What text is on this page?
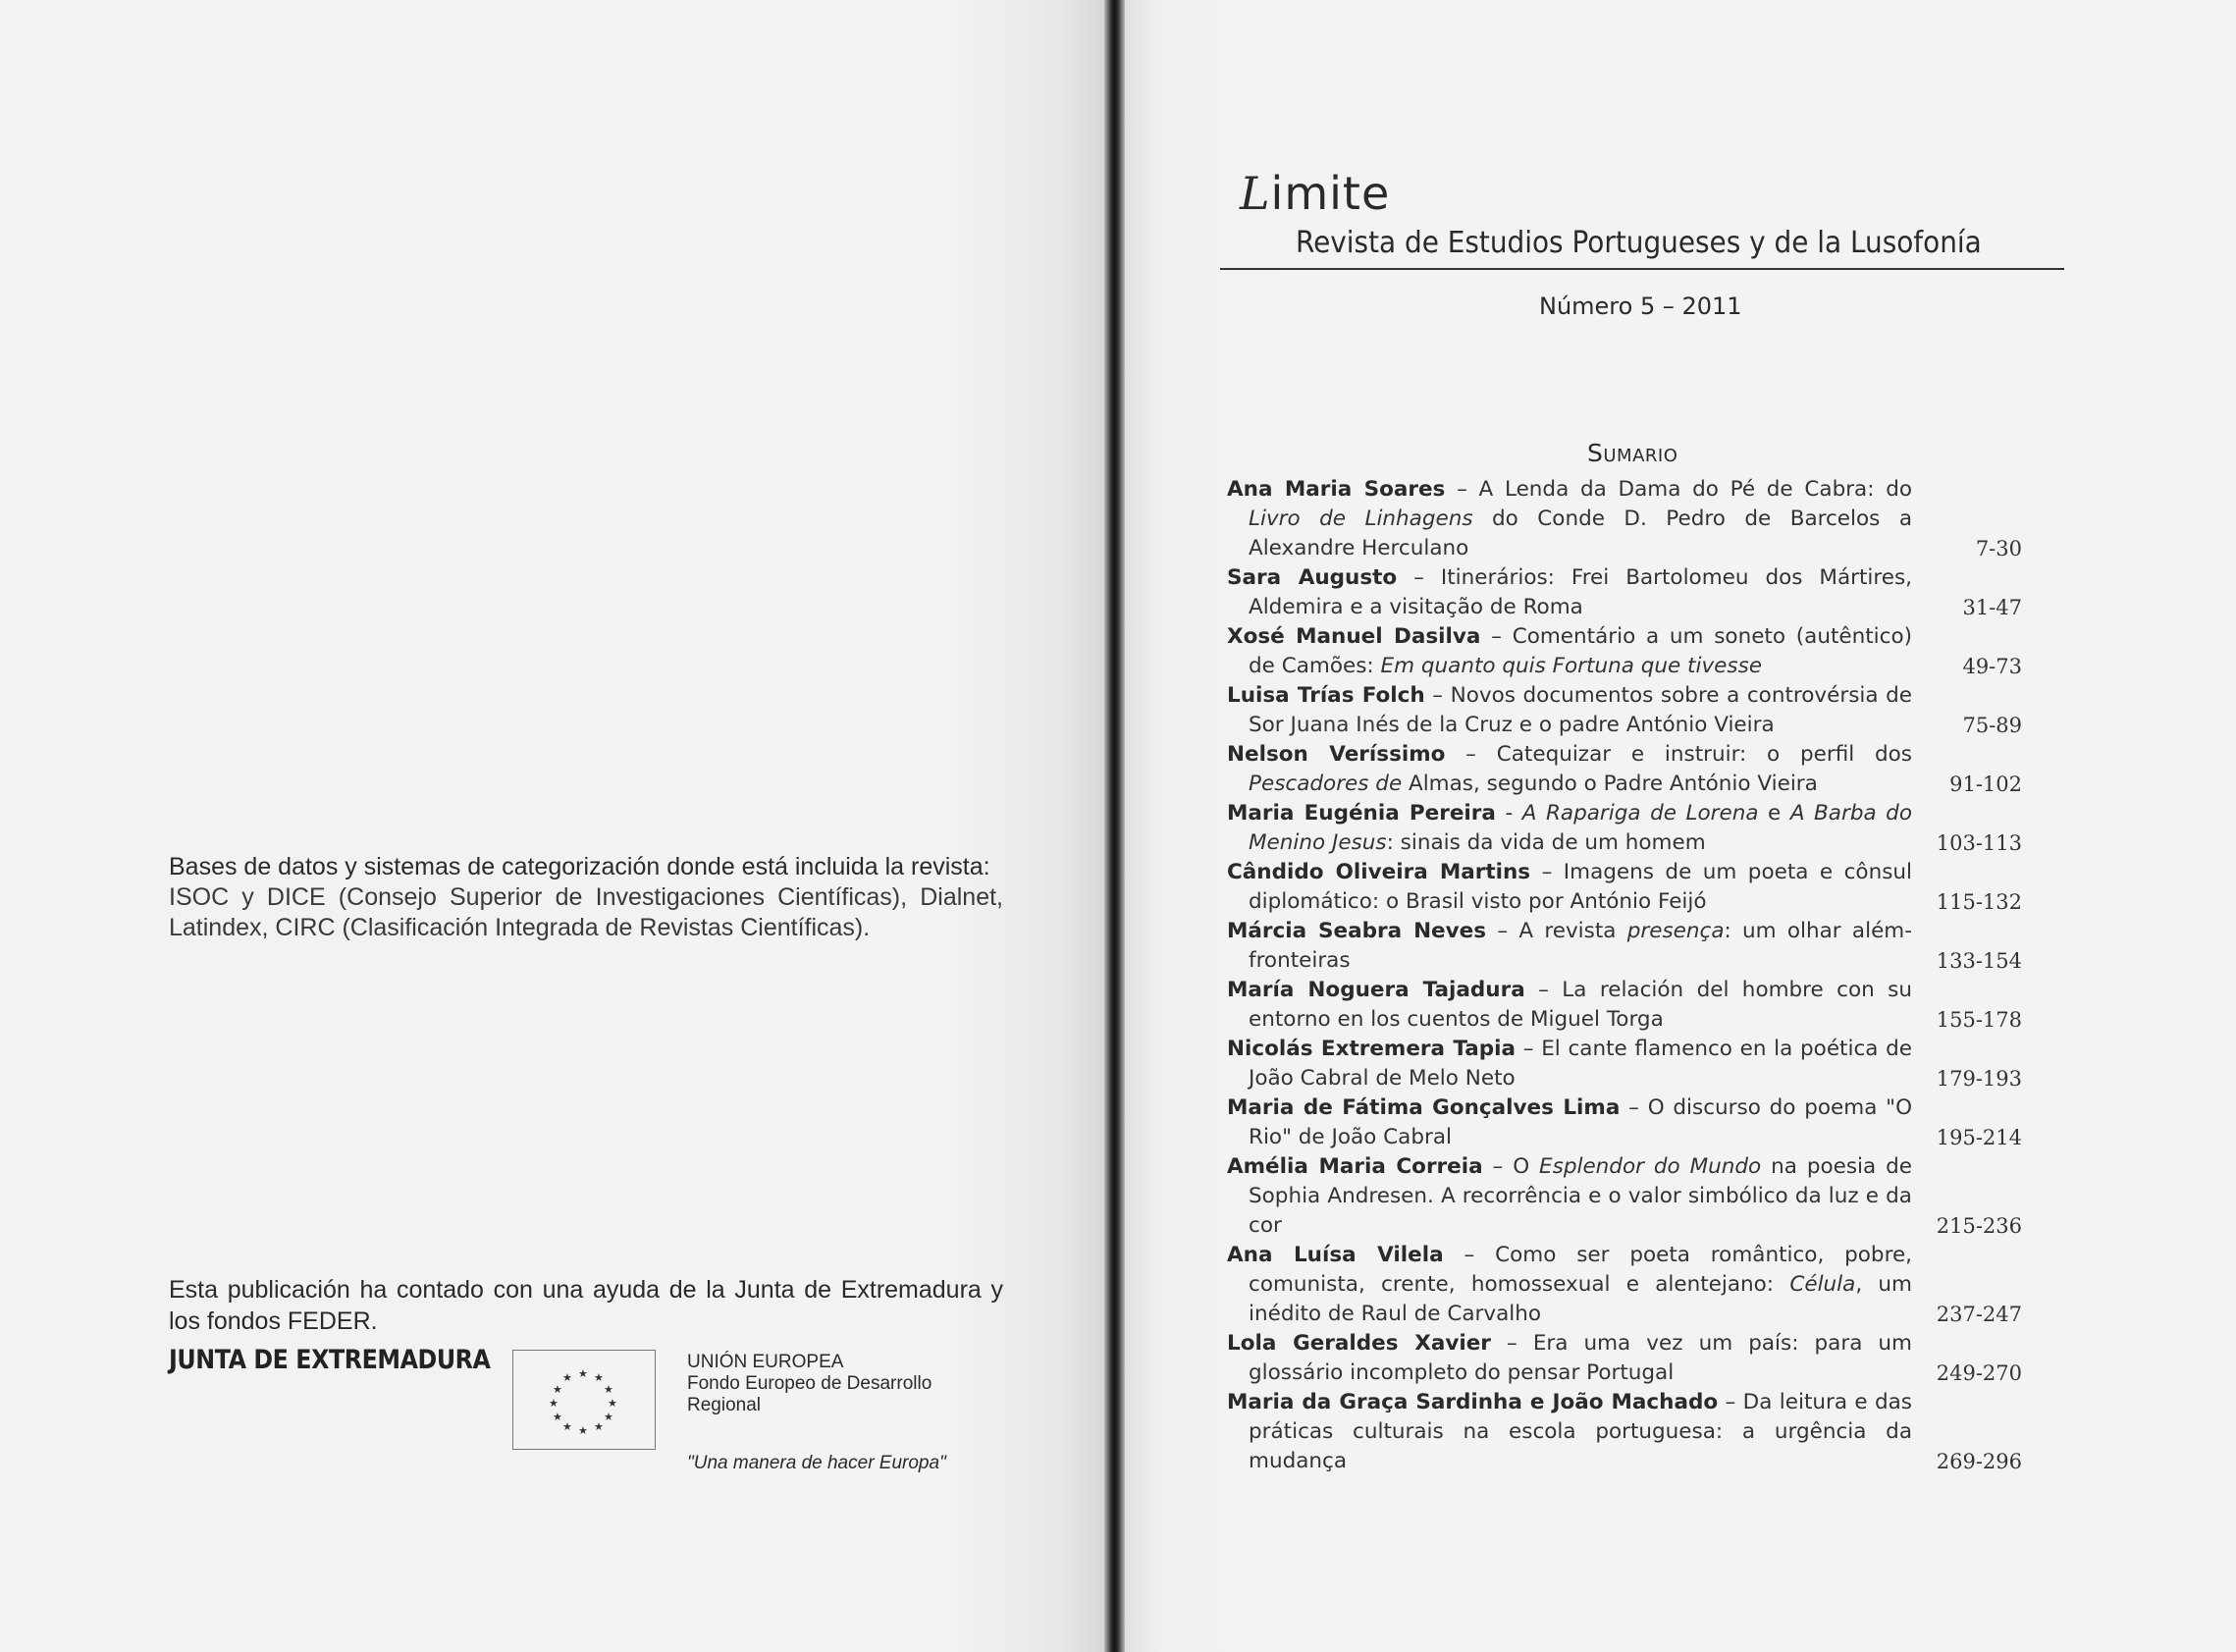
Bases de datos y sistemas de categorización donde está incluida la revista:

ISOC y DICE (Consejo Superior de Investigaciones Científicas), Dialnet, Latindex, CIRC (Clasificación Integrada de Revistas Científicas).

Esta publicación ha contado con una ayuda de la Junta de Extremadura y los fondos FEDER.

JUNTA DE EXTREMADURA	★ ★
★
★
★
★
★
★
★
★
★
★
UNIÓN EUROPEA
Fondo Europeo de Desarrollo
Regional
"Una manera de hacer Europa"
Limite
Revista de Estudios Portugueses y de la Lusofonía
Número 5 – 2011
Sumario
Ana Maria Soares – A Lenda da Dama do Pé de Cabra: do Livro de Linhagens do Conde D. Pedro de Barcelos a Alexandre Herculano	7-30
Sara Augusto – Itinerários: Frei Bartolomeu dos Mártires, Aldemira e a visitação de Roma	31-47
Xosé Manuel Dasilva – Comentário a um soneto (autêntico) de Camões: Em quanto quis Fortuna que tivesse	49-73
Luisa Trías Folch – Novos documentos sobre a controvérsia de Sor Juana Inés de la Cruz e o padre António Vieira	75-89
Nelson Veríssimo – Catequizar e instruir: o perfil dos Pescadores de Almas, segundo o Padre António Vieira	91-102
Maria Eugénia Pereira - A Rapariga de Lorena e A Barba do Menino Jesus: sinais da vida de um homem	103-113
Cândido Oliveira Martins – Imagens de um poeta e cônsul diplomático: o Brasil visto por António Feijó	115-132
Márcia Seabra Neves – A revista presença: um olhar além-fronteiras	133-154
María Noguera Tajadura – La relación del hombre con su entorno en los cuentos de Miguel Torga	155-178
Nicolás Extremera Tapia – El cante flamenco en la poética de João Cabral de Melo Neto	179-193
Maria de Fátima Gonçalves Lima – O discurso do poema "O Rio" de João Cabral	195-214
Amélia Maria Correia – O Esplendor do Mundo na poesia de Sophia Andresen. A recorrência e o valor simbólico da luz e da cor	215-236
Ana Luísa Vilela – Como ser poeta romântico, pobre, comunista, crente, homossexual e alentejano: Célula, um inédito de Raul de Carvalho	237-247
Lola Geraldes Xavier – Era uma vez um país: para um glossário incompleto do pensar Portugal	249-270
Maria da Graça Sardinha e João Machado – Da leitura e das práticas culturais na escola portuguesa: a urgência da mudança	269-296
